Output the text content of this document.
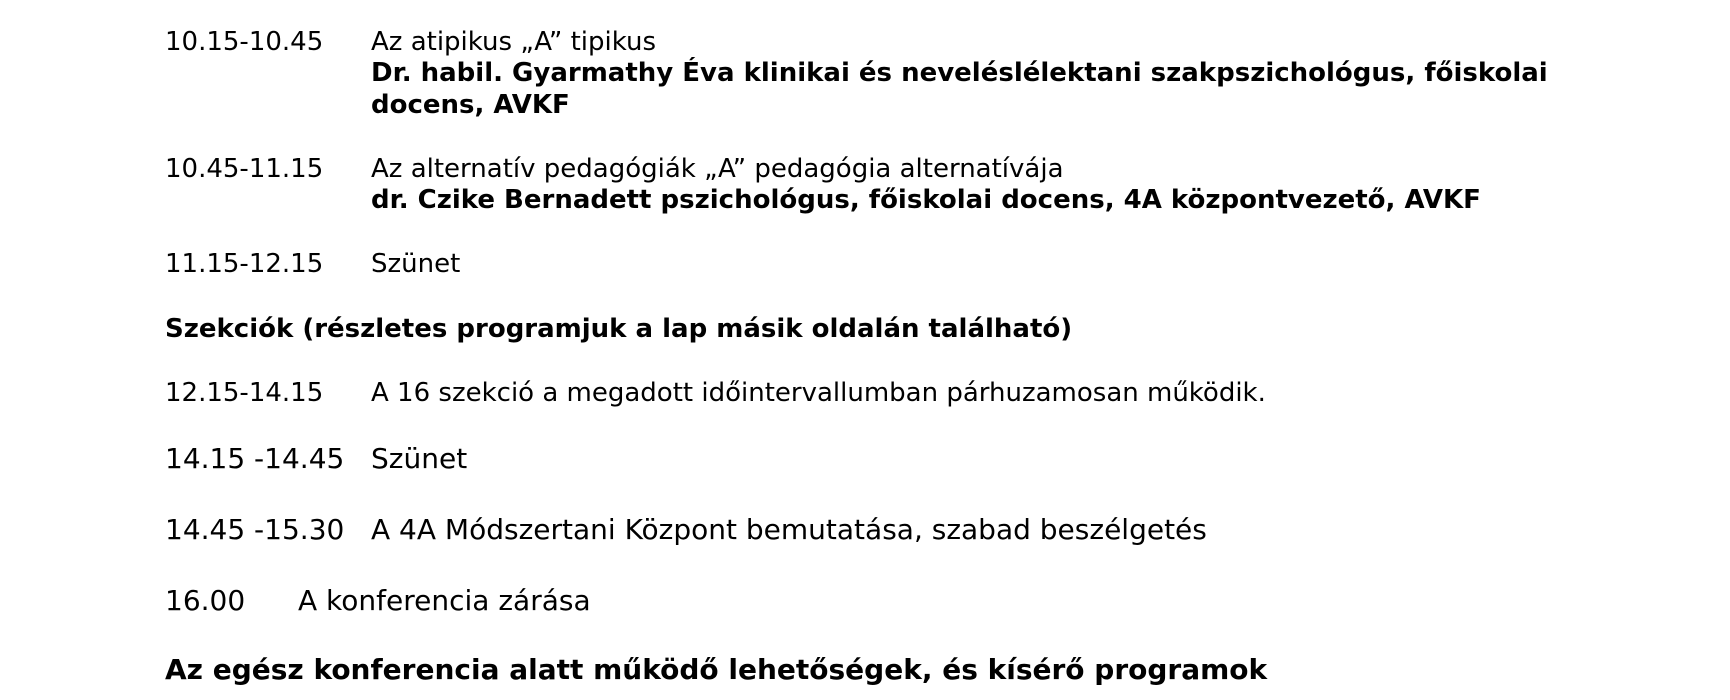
10.15-10.45 Az atipikus „A” tipikus
Dr. habil. Gyarmathy Éva klinikai és neveléslélektani szakpszichológus, főiskolai
docens, AVKF
10.45-11.15 Az alternatív pedagógiák „A” pedagógia alternatívája
dr. Czike Bernadett pszichológus, főiskolai docens, 4A központvezető, AVKF
11.15-12.15 Szünet
Szekciók (részletes programjuk a lap másik oldalán található)
12.15-14.15 A 16 szekció a megadott időintervallumban párhuzamosan működik.
14.15 -14.45 Szünet
14.45 -15.30 A 4A Módszertani Központ bemutatása, szabad beszélgetés
16.00 A konferencia zárása
Az egész konferencia alatt működő lehetőségek, és kísérő programok
